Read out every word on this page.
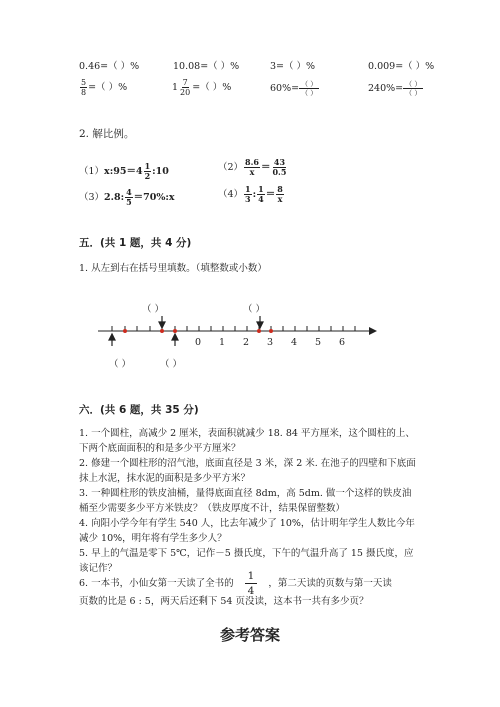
0.46=（ ）%	10.08=（ ）%	3=（ ）%	0.009=（ ）%
$\frac{5}{8}$ =（ ）%	$1 \frac{7}{20}$ =（ ）%	$60\%= \frac{( )}{( )}$	$240\%= \frac{( )}{( )}$
2. 解比例。
（1）x:95＝4 $\frac{1}{2}$ :10	$(2) \frac{8.6}{x} = \frac{43}{0.5}$
（3）2.8: $\frac{4}{5}$ ＝70%:x	$(4) \frac{1}{3}$ : $\frac{1}{4} = \frac{8}{x}$
五．(共 1 题，共 4 分)
1. 从左到右在括号里填数。（填整数或小数）
（ ）	（ ）
（ ）	（ ）
0 1 2 3 4 5 6
六．(共 6 题，共 35 分)
1. 一个圆柱，高减少 2 厘米，表面积就减少 18. 84 平方厘米，这个圆柱的上、
下两个底面面积的和是多少平方厘米？
2. 修建一个圆柱形的沼气池，底面直径是 3 米，深 2 米. 在池子的四壁和下底面
抹上水泥，抹水泥的面积是多少平方米？
3. 一种圆柱形的铁皮油桶，量得底面直径 8dm，高 5dm. 做一个这样的铁皮油
桶至少需要多少平方米铁皮？（铁皮厚度不计，结果保留整数）
4. 向阳小学今年有学生 540 人，比去年减少了 10%，估计明年学生人数比今年
减少 10%，明年将有学生多少人？
5. 早上的气温是零下 5℃，记作－5 摄氏度，下午的气温升高了 15 摄氏度，应
该记作？
6. 一本书，小仙女第一天读了全书的 $\frac{1}{4}$ ，第二天读的页数与第一天读
页数的比是 6 : 5，两天后还剩下 54 页没读，这本书一共有多少页？
参考答案
